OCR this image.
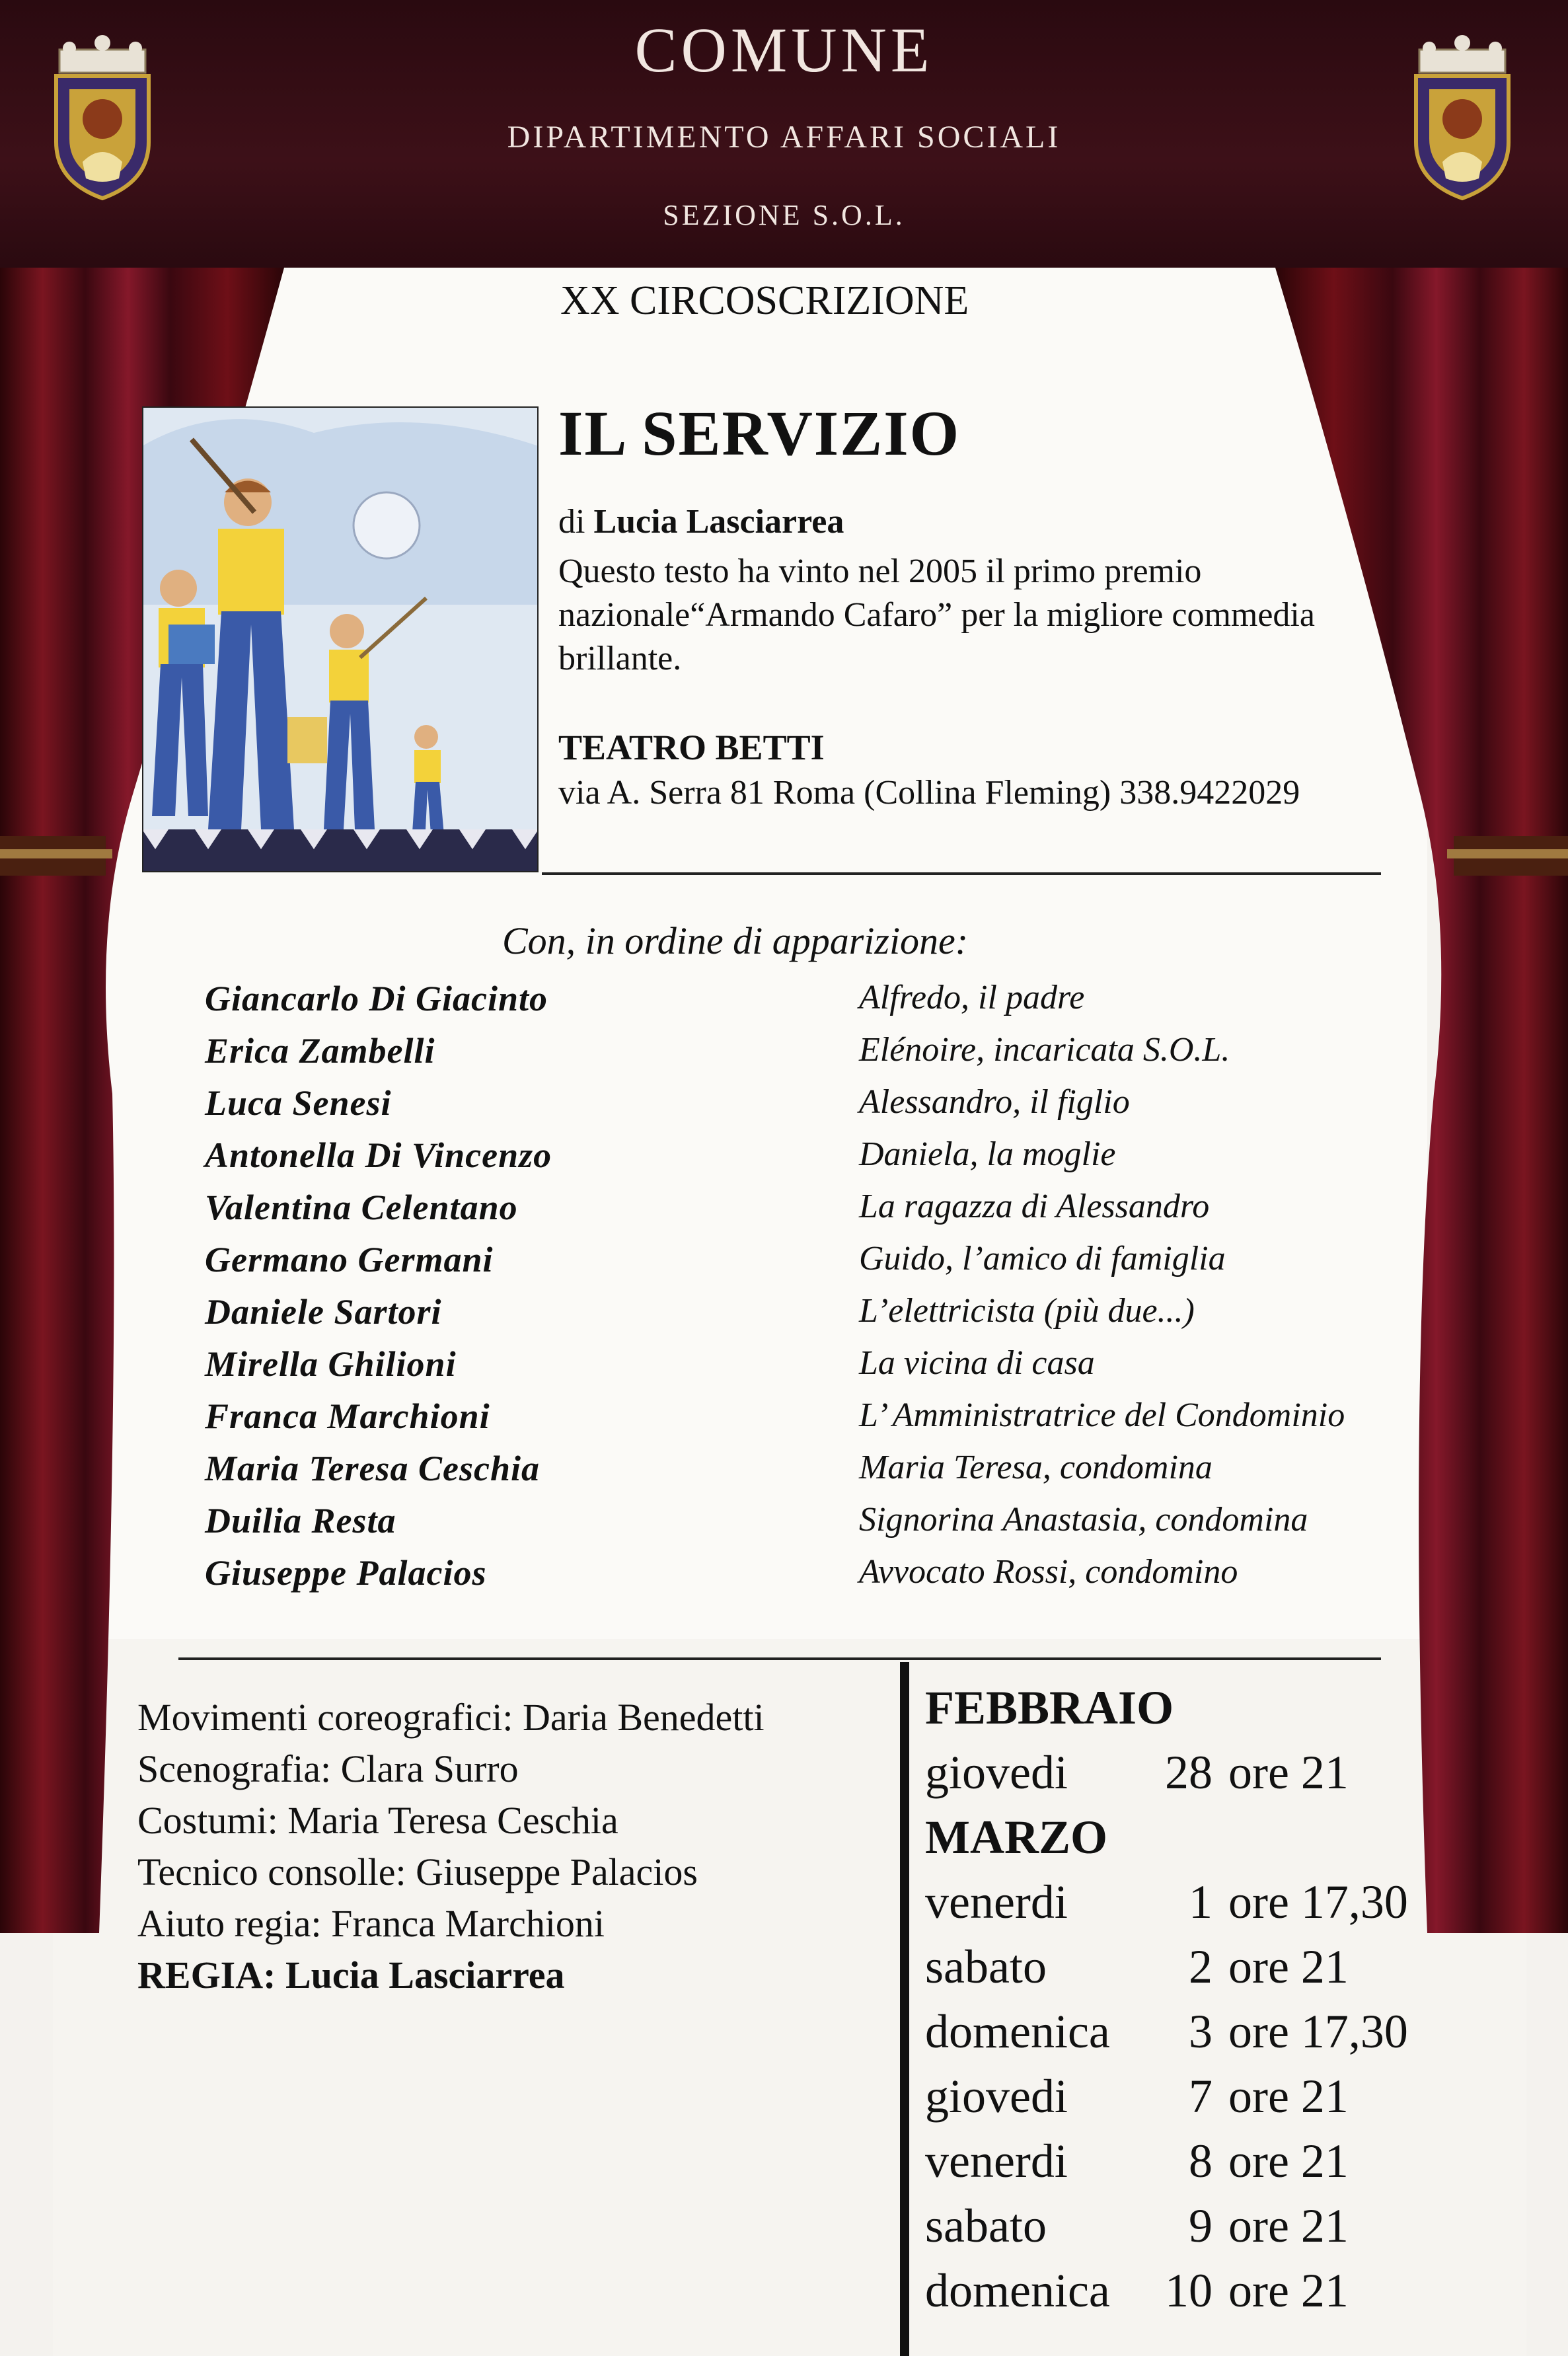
COMUNE
DIPARTIMENTO AFFARI SOCIALI
SEZIONE S.O.L.
XX CIRCOSCRIZIONE
IL SERVIZIO
di Lucia Lasciarrea
Questo testo ha vinto nel 2005 il primo premio nazionale“Armando Cafaro” per la migliore commedia brillante.
TEATRO BETTI
via A. Serra 81 Roma (Collina Fleming) 338.9422029
Con, in ordine di apparizione:
Giancarlo Di Giacinto	Alfredo, il padre
Erica Zambelli	Elénoire, incaricata S.O.L.
Luca Senesi	Alessandro, il figlio
Antonella Di Vincenzo	Daniela, la moglie
Valentina Celentano	La ragazza di Alessandro
Germano Germani	Guido, l’amico di famiglia
Daniele Sartori	L’elettricista (più due...)
Mirella Ghilioni	La vicina di casa
Franca Marchioni	L’ Amministratrice del Condominio
Maria Teresa Ceschia	Maria Teresa, condomina
Duilia Resta	Signorina Anastasia, condomina
Giuseppe Palacios	Avvocato Rossi, condomino
Movimenti coreografici: Daria Benedetti
Scenografia: Clara Surro
Costumi: Maria Teresa Ceschia
Tecnico consolle: Giuseppe Palacios
Aiuto regia: Franca Marchioni
REGIA: Lucia Lasciarrea
FEBBRAIO
giovedi 28 ore 21
MARZO
venerdi	1 ore 17,30
sabato	2 ore 21
domenica	3 ore 17,30
giovedi	7 ore 21
venerdi	8 ore 21
sabato	9 ore 21
domenica 10 ore 21
